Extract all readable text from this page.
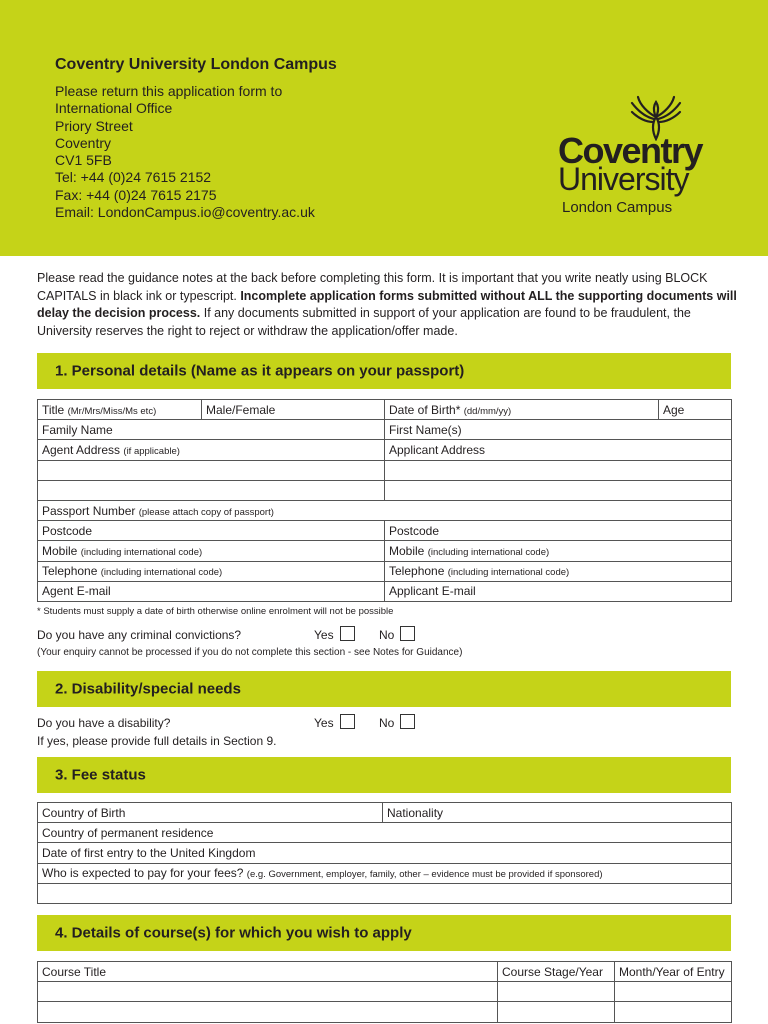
Coventry University London Campus
Please return this application form to
International Office
Priory Street
Coventry
CV1 5FB
Tel: +44 (0)24 7615 2152
Fax: +44 (0)24 7615 2175
Email: LondonCampus.io@coventry.ac.uk
Coventry
University
London Campus
Please read the guidance notes at the back before completing this form. It is important that you write neatly using BLOCK CAPITALS in black ink or typescript. Incomplete application forms submitted without ALL the supporting documents will delay the decision process. If any documents submitted in support of your application are found to be fraudulent, the University reserves the right to reject or withdraw the application/offer made.
1. Personal details (Name as it appears on your passport)
Title (Mr/Mrs/Miss/Ms etc)	Male/Female	Date of Birth* (dd/mm/yy)	Age
Family Name		First Name(s)	
Agent Address (if applicable)		Applicant Address	

Passport Number (please attach copy of passport)			
Postcode		Postcode	
Mobile (including international code)		Mobile (including international code)	
Telephone (including international code)		Telephone (including international code)	
Agent E-mail		Applicant E-mail	
* Students must supply a date of birth otherwise online enrolment will not be possible
Do you have any criminal convictions?	Yes	No
(Your enquiry cannot be processed if you do not complete this section - see Notes for Guidance)
2. Disability/special needs
Do you have a disability?	Yes	No
If yes, please provide full details in Section 9.
3. Fee status
Country of Birth	Nationality
Country of permanent residence
Date of first entry to the United Kingdom
Who is expected to pay for your fees? (e.g. Government, employer, family, other – evidence must be provided if sponsored)

4. Details of course(s) for which you wish to apply
Course Title	Course Stage/Year	Month/Year of Entry
